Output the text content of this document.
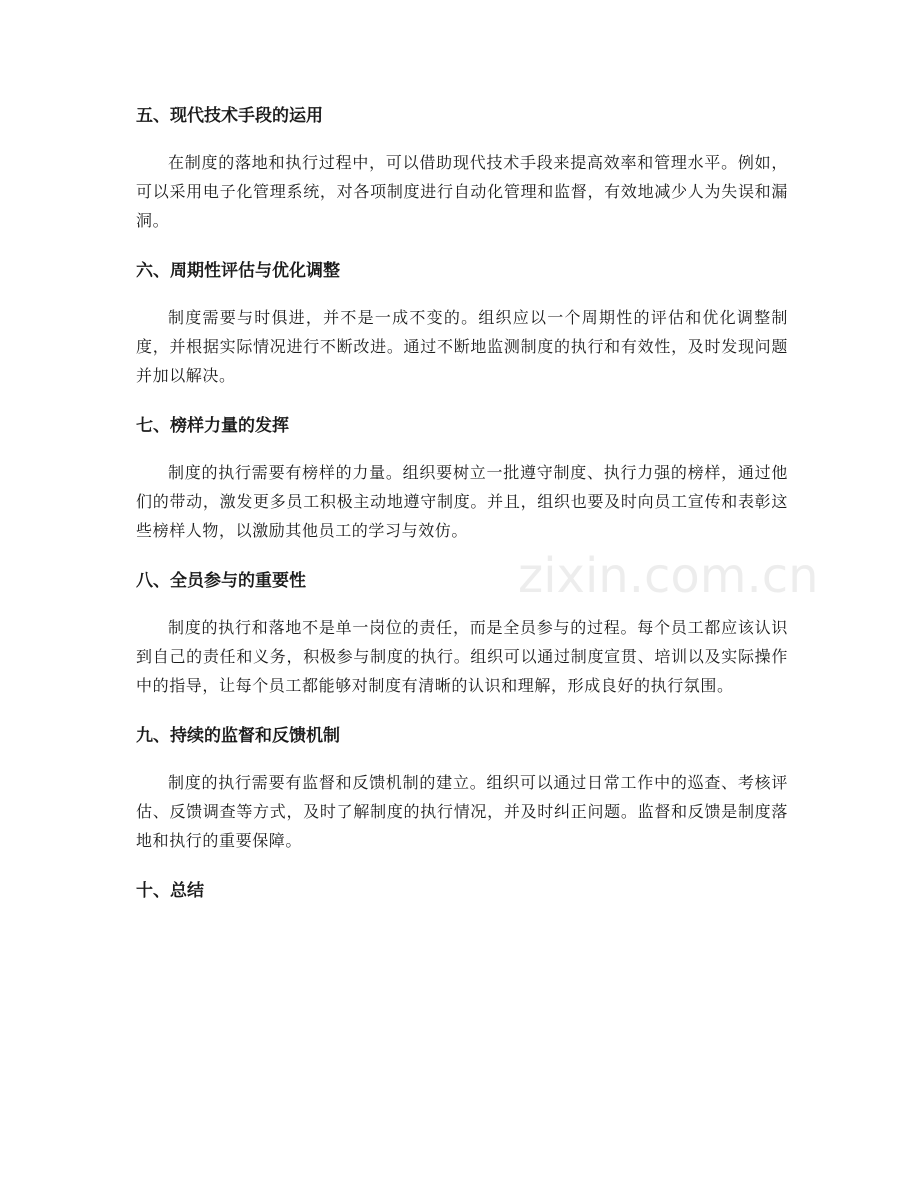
五、现代技术手段的运用

在制度的落地和执行过程中，可以借助现代技术手段来提高效率和管理水平。例如，可以采用电子化管理系统，对各项制度进行自动化管理和监督，有效地减少人为失误和漏洞。

六、周期性评估与优化调整

制度需要与时俱进，并不是一成不变的。组织应以一个周期性的评估和优化调整制度，并根据实际情况进行不断改进。通过不断地监测制度的执行和有效性，及时发现问题并加以解决。

七、榜样力量的发挥

制度的执行需要有榜样的力量。组织要树立一批遵守制度、执行力强的榜样，通过他们的带动，激发更多员工积极主动地遵守制度。并且，组织也要及时向员工宣传和表彰这些榜样人物，以激励其他员工的学习与效仿。

八、全员参与的重要性

制度的执行和落地不是单一岗位的责任，而是全员参与的过程。每个员工都应该认识到自己的责任和义务，积极参与制度的执行。组织可以通过制度宣贯、培训以及实际操作中的指导，让每个员工都能够对制度有清晰的认识和理解，形成良好的执行氛围。

九、持续的监督和反馈机制

制度的执行需要有监督和反馈机制的建立。组织可以通过日常工作中的巡查、考核评估、反馈调查等方式，及时了解制度的执行情况，并及时纠正问题。监督和反馈是制度落地和执行的重要保障。

十、总结
zixin.com.cn
